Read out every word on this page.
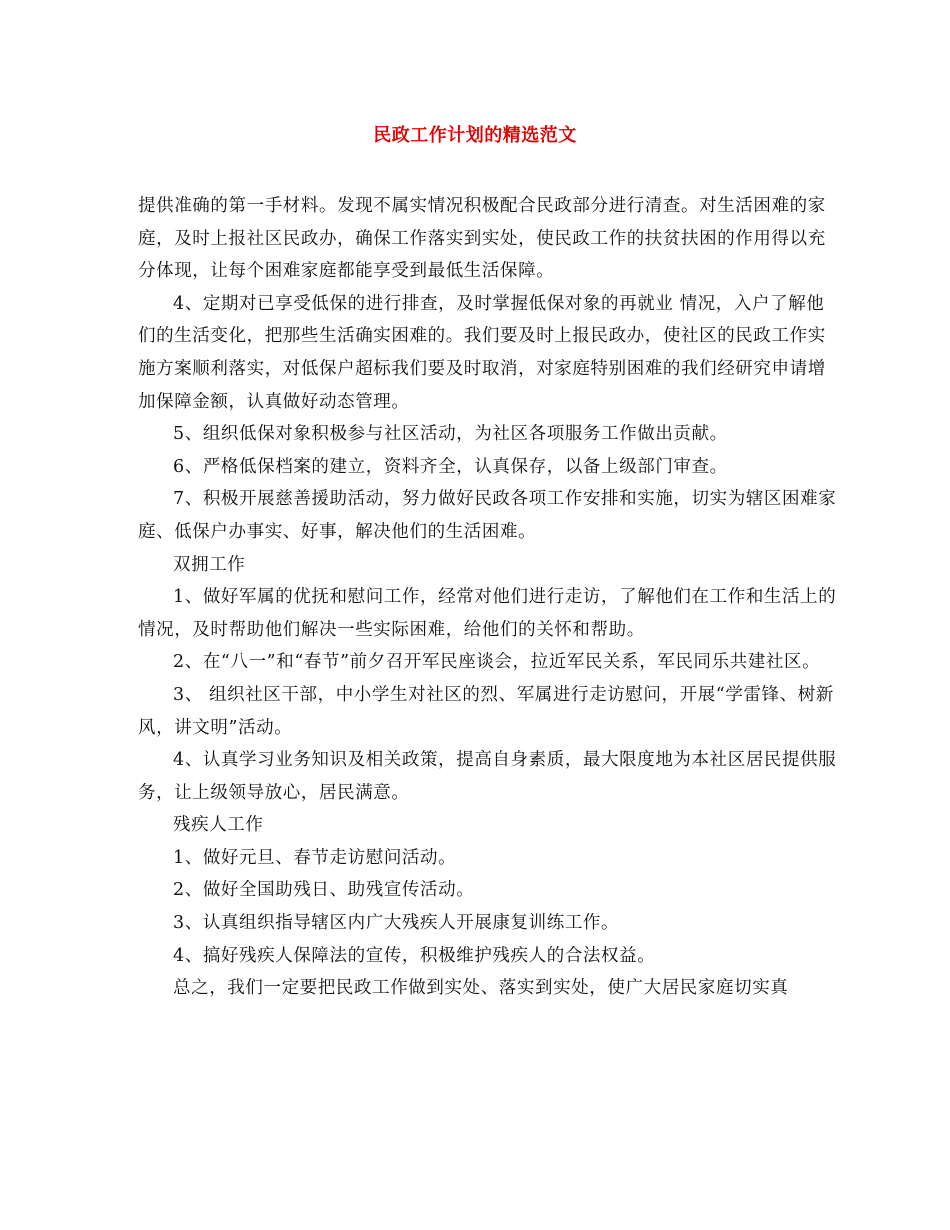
民政工作计划的精选范文

提供准确的第一手材料。发现不属实情况积极配合民政部分进行清查。对生活困难的家庭，及时上报社区民政办，确保工作落实到实处，使民政工作的扶贫扶困的作用得以充分体现，让每个困难家庭都能享受到最低生活保障。

4、定期对已享受低保的进行排查，及时掌握低保对象的再就业 情况，入户了解他们的生活变化，把那些生活确实困难的。我们要及时上报民政办，使社区的民政工作实施方案顺利落实，对低保户超标我们要及时取消，对家庭特别困难的我们经研究申请增加保障金额，认真做好动态管理。

5、组织低保对象积极参与社区活动，为社区各项服务工作做出贡献。

6、严格低保档案的建立，资料齐全，认真保存，以备上级部门审查。

7、积极开展慈善援助活动，努力做好民政各项工作安排和实施，切实为辖区困难家庭、低保户办事实、好事，解决他们的生活困难。

双拥工作

1、做好军属的优抚和慰问工作，经常对他们进行走访，了解他们在工作和生活上的情况，及时帮助他们解决一些实际困难，给他们的关怀和帮助。

2、在“八一”和“春节”前夕召开军民座谈会，拉近军民关系，军民同乐共建社区。

3、 组织社区干部，中小学生对社区的烈、军属进行走访慰问，开展“学雷锋、树新风，讲文明”活动。

4、认真学习业务知识及相关政策，提高自身素质，最大限度地为本社区居民提供服务，让上级领导放心，居民满意。

残疾人工作

1、做好元旦、春节走访慰问活动。

2、做好全国助残日、助残宣传活动。

3、认真组织指导辖区内广大残疾人开展康复训练工作。

4、搞好残疾人保障法的宣传，积极维护残疾人的合法权益。

总之，我们一定要把民政工作做到实处、落实到实处，使广大居民家庭切实真
